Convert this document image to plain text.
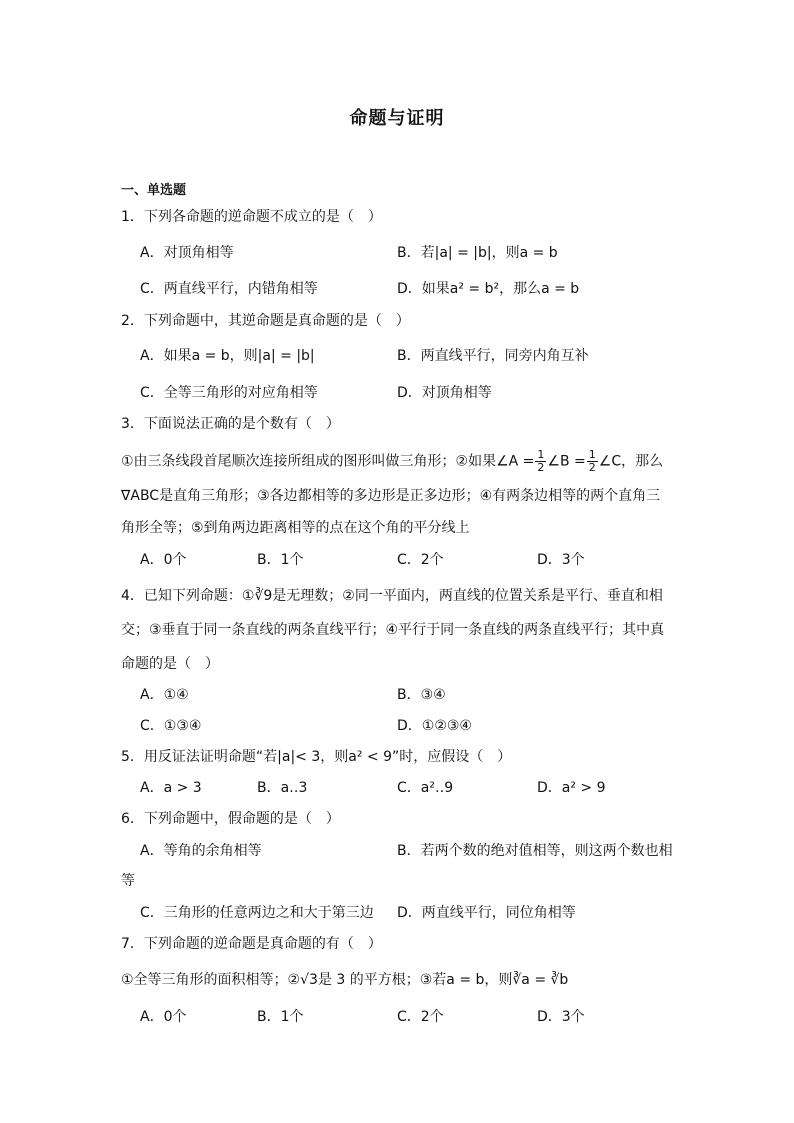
命题与证明
一、单选题
1．下列各命题的逆命题不成立的是（　）
A．对顶角相等	B．若|a| = |b|，则a = b
C．两直线平行，内错角相等	D．如果a² = b²，那么a = b
2．下列命题中，其逆命题是真命题的是（　）
A．如果a = b，则|a| = |b|	B．两直线平行，同旁内角互补
C．全等三角形的对应角相等	D．对顶角相等
3．下面说法正确的是个数有（　）
①由三条线段首尾顺次连接所组成的图形叫做三角形；②如果∠A = $\frac{1}{2}$ ∠B = $\frac{1}{2}$ ∠C，那么
∇ABC是直角三角形；③各边都相等的多边形是正多边形；④有两条边相等的两个直角三
角形全等；⑤到角两边距离相等的点在这个角的平分线上
A．0个	B．1个	C．2个	D．3个
4．已知下列命题：①∛9是无理数；②同一平面内，两直线的位置关系是平行、垂直和相
交；③垂直于同一条直线的两条直线平行；④平行于同一条直线的两条直线平行；其中真
命题的是（　）
A．①④	B．③④
C．①③④	D．①②③④
5．用反证法证明命题“若|a|< 3，则a² < 9”时，应假设（　）
A．a > 3	B．a‥3	C．a²‥9	D．a² > 9
6．下列命题中，假命题的是（　）
A．等角的余角相等	B．若两个数的绝对值相等，则这两个数也相
等
C．三角形的任意两边之和大于第三边 D．两直线平行，同位角相等
7．下列命题的逆命题是真命题的有（　）
①全等三角形的面积相等；②√3是 3 的平方根；③若a = b，则∛a = ∛b
A．0个	B．1个	C．2个	D．3个
